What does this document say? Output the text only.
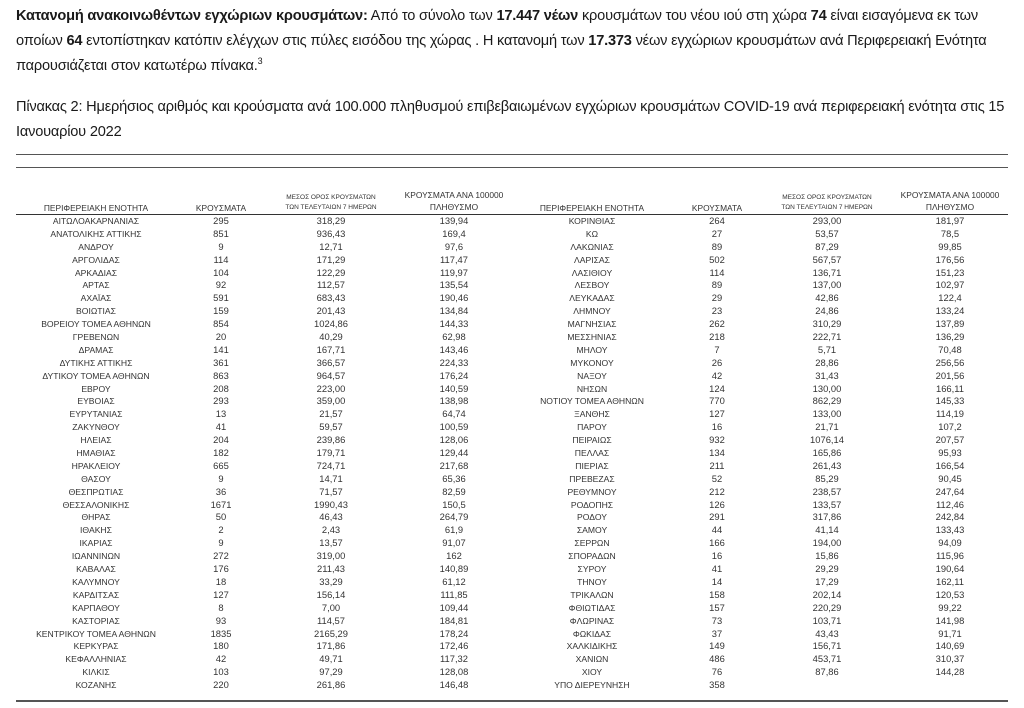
Κατανομή ανακοινωθέντων εγχώριων κρουσμάτων: Από το σύνολο των 17.447 νέων κρουσμάτων του νέου ιού στη χώρα 74 είναι εισαγόμενα εκ των οποίων 64 εντοπίστηκαν κατόπιν ελέγχων στις πύλες εισόδου της χώρας . Η κατανομή των 17.373 νέων εγχώριων κρουσμάτων ανά Περιφερειακή Ενότητα παρουσιάζεται στον κατωτέρω πίνακα.$^3$
Πίνακας 2: Ημερήσιος αριθμός και κρούσματα ανά 100.000 πληθυσμού επιβεβαιωμένων εγχώριων κρουσμάτων COVID-19 ανά περιφερειακή ενότητα στις 15 Ιανουαρίου 2022
ΠΕΡΙΦΕΡΕΙΑΚΗ ΕΝΟΤΗΤΑ	ΚΡΟΥΣΜΑΤΑ
ΜΕΣΟΣ ΟΡΟΣ ΚΡΟΥΣΜΑΤΩΝ
ΤΩΝ ΤΕΛΕΥΤΑΙΩΝ 7 ΗΜΕΡΩΝ
ΚΡΟΥΣΜΑΤΑ ΑΝΑ 100000
ΠΛΗΘΥΣΜΟ
ΑΙΤΩΛΟΑΚΑΡΝΑΝΙΑΣ	295	318,29	139,94
ΑΝΑΤΟΛΙΚΗΣ ΑΤΤΙΚΗΣ	851	936,43	169,4
ΑΝΔΡΟΥ	9	12,71	97,6
ΑΡΓΟΛΙΔΑΣ	114	171,29	117,47
ΑΡΚΑΔΙΑΣ	104	122,29	119,97
ΑΡΤΑΣ	92	112,57	135,54
ΑΧΑΪΑΣ	591	683,43	190,46
ΒΟΙΩΤΙΑΣ	159	201,43	134,84
ΒΟΡΕΙΟΥ ΤΟΜΕΑ ΑΘΗΝΩΝ	854	1024,86	144,33
ΓΡΕΒΕΝΩΝ	20	40,29	62,98
ΔΡΑΜΑΣ	141	167,71	143,46
ΔΥΤΙΚΗΣ ΑΤΤΙΚΗΣ	361	366,57	224,33
ΔΥΤΙΚΟΥ ΤΟΜΕΑ ΑΘΗΝΩΝ	863	964,57	176,24
ΕΒΡΟΥ	208	223,00	140,59
ΕΥΒΟΙΑΣ	293	359,00	138,98
ΕΥΡΥΤΑΝΙΑΣ	13	21,57	64,74
ΖΑΚΥΝΘΟΥ	41	59,57	100,59
ΗΛΕΙΑΣ	204	239,86	128,06
ΗΜΑΘΙΑΣ	182	179,71	129,44
ΗΡΑΚΛΕΙΟΥ	665	724,71	217,68
ΘΑΣΟΥ	9	14,71	65,36
ΘΕΣΠΡΩΤΙΑΣ	36	71,57	82,59
ΘΕΣΣΑΛΟΝΙΚΗΣ	1671	1990,43	150,5
ΘΗΡΑΣ	50	46,43	264,79
ΙΘΑΚΗΣ	2	2,43	61,9
ΙΚΑΡΙΑΣ	9	13,57	91,07
ΙΩΑΝΝΙΝΩΝ	272	319,00	162
ΚΑΒΑΛΑΣ	176	211,43	140,89
ΚΑΛΥΜΝΟΥ	18	33,29	61,12
ΚΑΡΔΙΤΣΑΣ	127	156,14	111,85
ΚΑΡΠΑΘΟΥ	8	7,00	109,44
ΚΑΣΤΟΡΙΑΣ	93	114,57	184,81
ΚΕΝΤΡΙΚΟΥ ΤΟΜΕΑ ΑΘΗΝΩΝ	1835	2165,29	178,24
ΚΕΡΚΥΡΑΣ	180	171,86	172,46
ΚΕΦΑΛΛΗΝΙΑΣ	42	49,71	117,32
ΚΙΛΚΙΣ	103	97,29	128,08
ΚΟΖΑΝΗΣ	220	261,86	146,48
ΠΕΡΙΦΕΡΕΙΑΚΗ ΕΝΟΤΗΤΑ	ΚΡΟΥΣΜΑΤΑ
ΜΕΣΟΣ ΟΡΟΣ ΚΡΟΥΣΜΑΤΩΝ
ΤΩΝ ΤΕΛΕΥΤΑΙΩΝ 7 ΗΜΕΡΩΝ
ΚΡΟΥΣΜΑΤΑ ΑΝΑ 100000
ΠΛΗΘΥΣΜΟ
ΚΟΡΙΝΘΙΑΣ	264	293,00	181,97
ΚΩ	27	53,57	78,5
ΛΑΚΩΝΙΑΣ	89	87,29	99,85
ΛΑΡΙΣΑΣ	502	567,57	176,56
ΛΑΣΙΘΙΟΥ	114	136,71	151,23
ΛΕΣΒΟΥ	89	137,00	102,97
ΛΕΥΚΑΔΑΣ	29	42,86	122,4
ΛΗΜΝΟΥ	23	24,86	133,24
ΜΑΓΝΗΣΙΑΣ	262	310,29	137,89
ΜΕΣΣΗΝΙΑΣ	218	222,71	136,29
ΜΗΛΟΥ	7	5,71	70,48
ΜΥΚΟΝΟΥ	26	28,86	256,56
ΝΑΞΟΥ	42	31,43	201,56
ΝΗΣΩΝ	124	130,00	166,11
ΝΟΤΙΟΥ ΤΟΜΕΑ ΑΘΗΝΩΝ	770	862,29	145,33
ΞΑΝΘΗΣ	127	133,00	114,19
ΠΑΡΟΥ	16	21,71	107,2
ΠΕΙΡΑΙΩΣ	932	1076,14	207,57
ΠΕΛΛΑΣ	134	165,86	95,93
ΠΙΕΡΙΑΣ	211	261,43	166,54
ΠΡΕΒΕΖΑΣ	52	85,29	90,45
ΡΕΘΥΜΝΟΥ	212	238,57	247,64
ΡΟΔΟΠΗΣ	126	133,57	112,46
ΡΟΔΟΥ	291	317,86	242,84
ΣΑΜΟΥ	44	41,14	133,43
ΣΕΡΡΩΝ	166	194,00	94,09
ΣΠΟΡΑΔΩΝ	16	15,86	115,96
ΣΥΡΟΥ	41	29,29	190,64
ΤΗΝΟΥ	14	17,29	162,11
ΤΡΙΚΑΛΩΝ	158	202,14	120,53
ΦΘΙΩΤΙΔΑΣ	157	220,29	99,22
ΦΛΩΡΙΝΑΣ	73	103,71	141,98
ΦΩΚΙΔΑΣ	37	43,43	91,71
ΧΑΛΚΙΔΙΚΗΣ	149	156,71	140,69
ΧΑΝΙΩΝ	486	453,71	310,37
ΧΙΟΥ	76	87,86	144,28
ΥΠΟ ΔΙΕΡΕΥΝΗΣΗ	358
